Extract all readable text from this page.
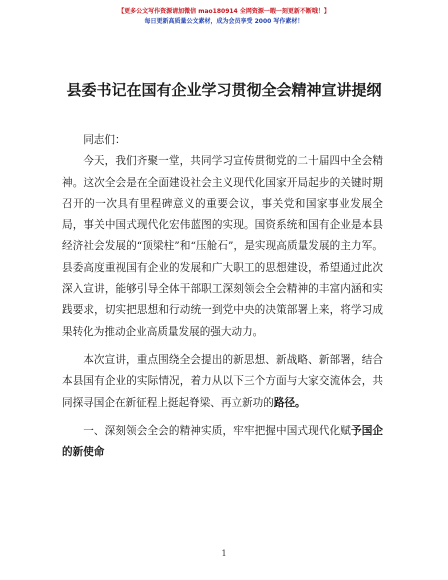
【更多公文写作资源请加微信 mao180914 全网资源一暇一刻更新不断哦！】
每日更新高质量公文素材，成为会员享受 2000 写作素材！
县委书记在国有企业学习贯彻全会精神宣讲提纲

同志们：

今天，我们齐聚一堂，共同学习宣传贯彻党的二十届四中全会精神。这次全会是在全面建设社会主义现代化国家开局起步的关键时期召开的一次具有里程碑意义的重要会议，事关党和国家事业发展全局，事关中国式现代化宏伟蓝图的实现。国资系统和国有企业是本县经济社会发展的“顶梁柱”和“压舱石”，是实现高质量发展的主力军。县委高度重视国有企业的发展和广大职工的思想建设，希望通过此次深入宣讲，能够引导全体干部职工深刻领会全会精神的丰富内涵和实践要求，切实把思想和行动统一到党中央的决策部署上来，将学习成果转化为推动企业高质量发展的强大动力。

本次宣讲，重点围绕全会提出的新思想、新战略、新部署，结合本县国有企业的实际情况，着力从以下三个方面与大家交流体会，共同探寻国企在新征程上挺起脊梁、再立新功的路径。

一、深刻领会全会的精神实质，牢牢把握中国式现代化赋予国企的新使命

1
